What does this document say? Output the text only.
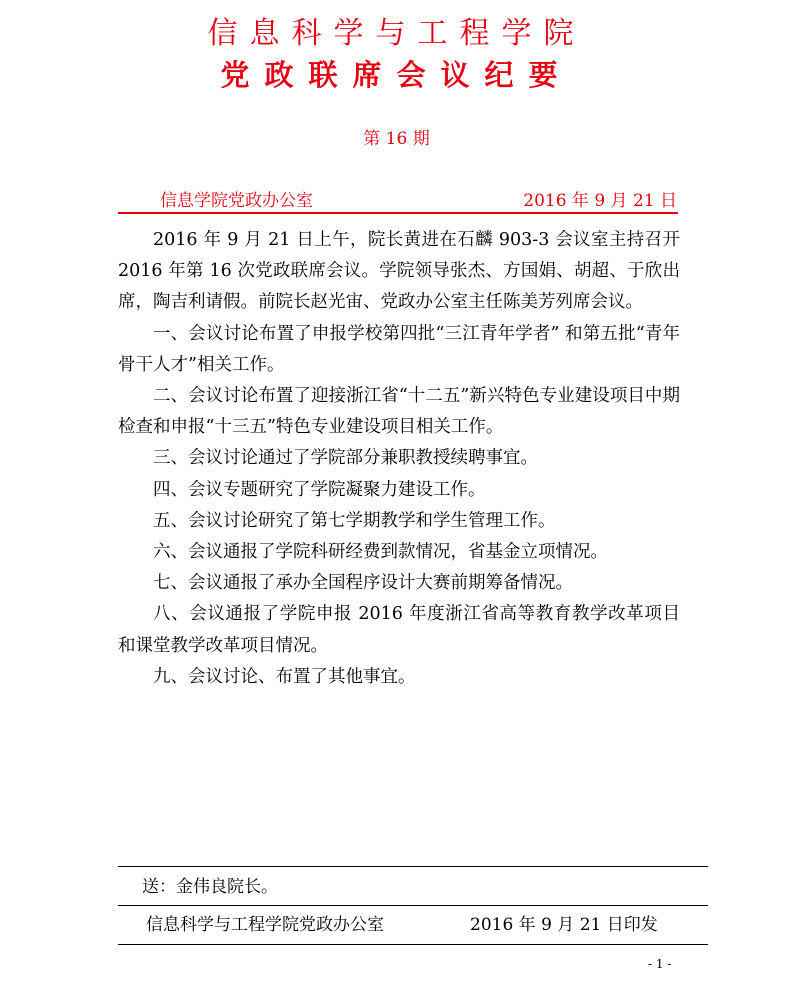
信息科学与工程学院
党政联席会议纪要
第 16 期
信息学院党政办公室	2016 年 9 月 21 日

2016 年 9 月 21 日上午，院长黄进在石麟 903-3 会议室主持召开 2016 年第 16 次党政联席会议。学院领导张杰、方国娟、胡超、于欣出席，陶吉利请假。前院长赵光宙、党政办公室主任陈美芳列席会议。

一、会议讨论布置了申报学校第四批“三江青年学者” 和第五批“青年骨干人才”相关工作。

二、会议讨论布置了迎接浙江省“十二五”新兴特色专业建设项目中期检查和申报“十三五”特色专业建设项目相关工作。

三、会议讨论通过了学院部分兼职教授续聘事宜。

四、会议专题研究了学院凝聚力建设工作。

五、会议讨论研究了第七学期教学和学生管理工作。

六、会议通报了学院科研经费到款情况，省基金立项情况。

七、会议通报了承办全国程序设计大赛前期筹备情况。

八、会议通报了学院申报 2016 年度浙江省高等教育教学改革项目和课堂教学改革项目情况。

九、会议讨论、布置了其他事宜。

送：金伟良院长。
信息科学与工程学院党政办公室	2016 年 9 月 21 日印发
- 1 -
